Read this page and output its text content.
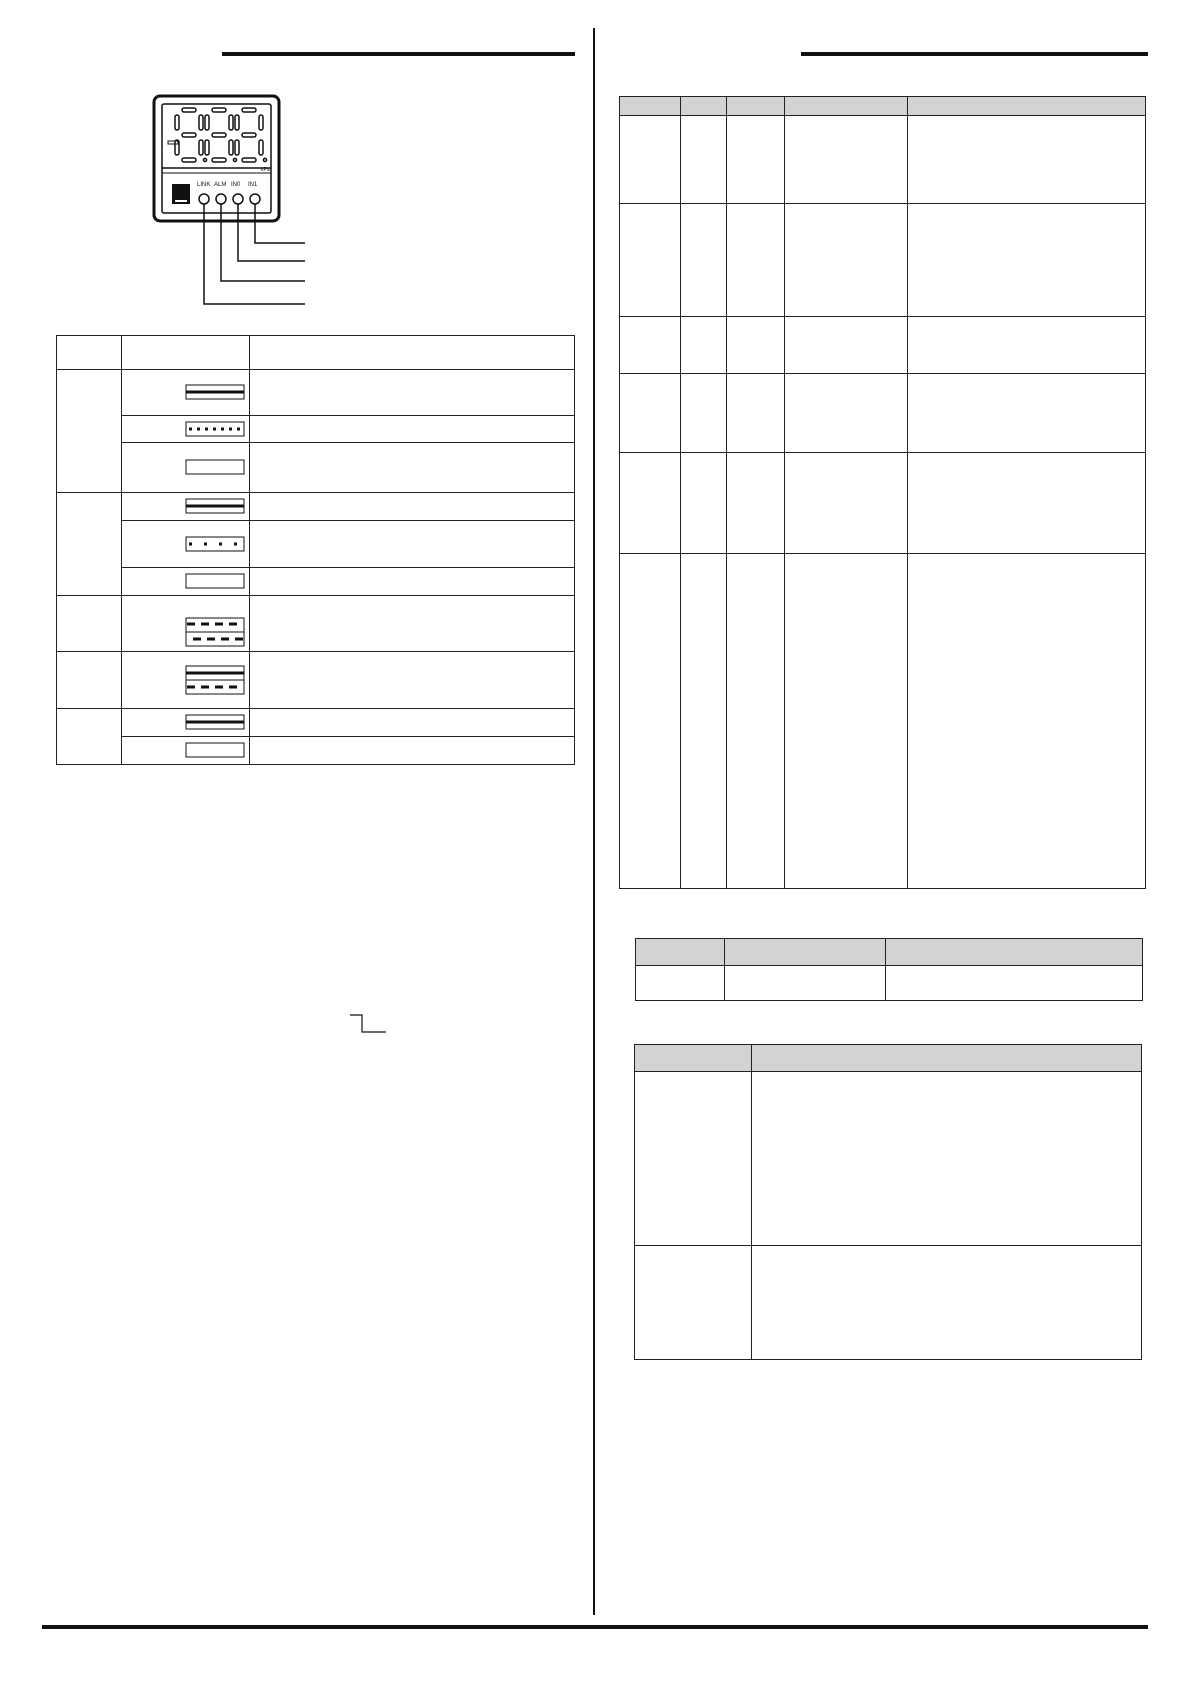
kPa
LINK ALM IN0 IN1
